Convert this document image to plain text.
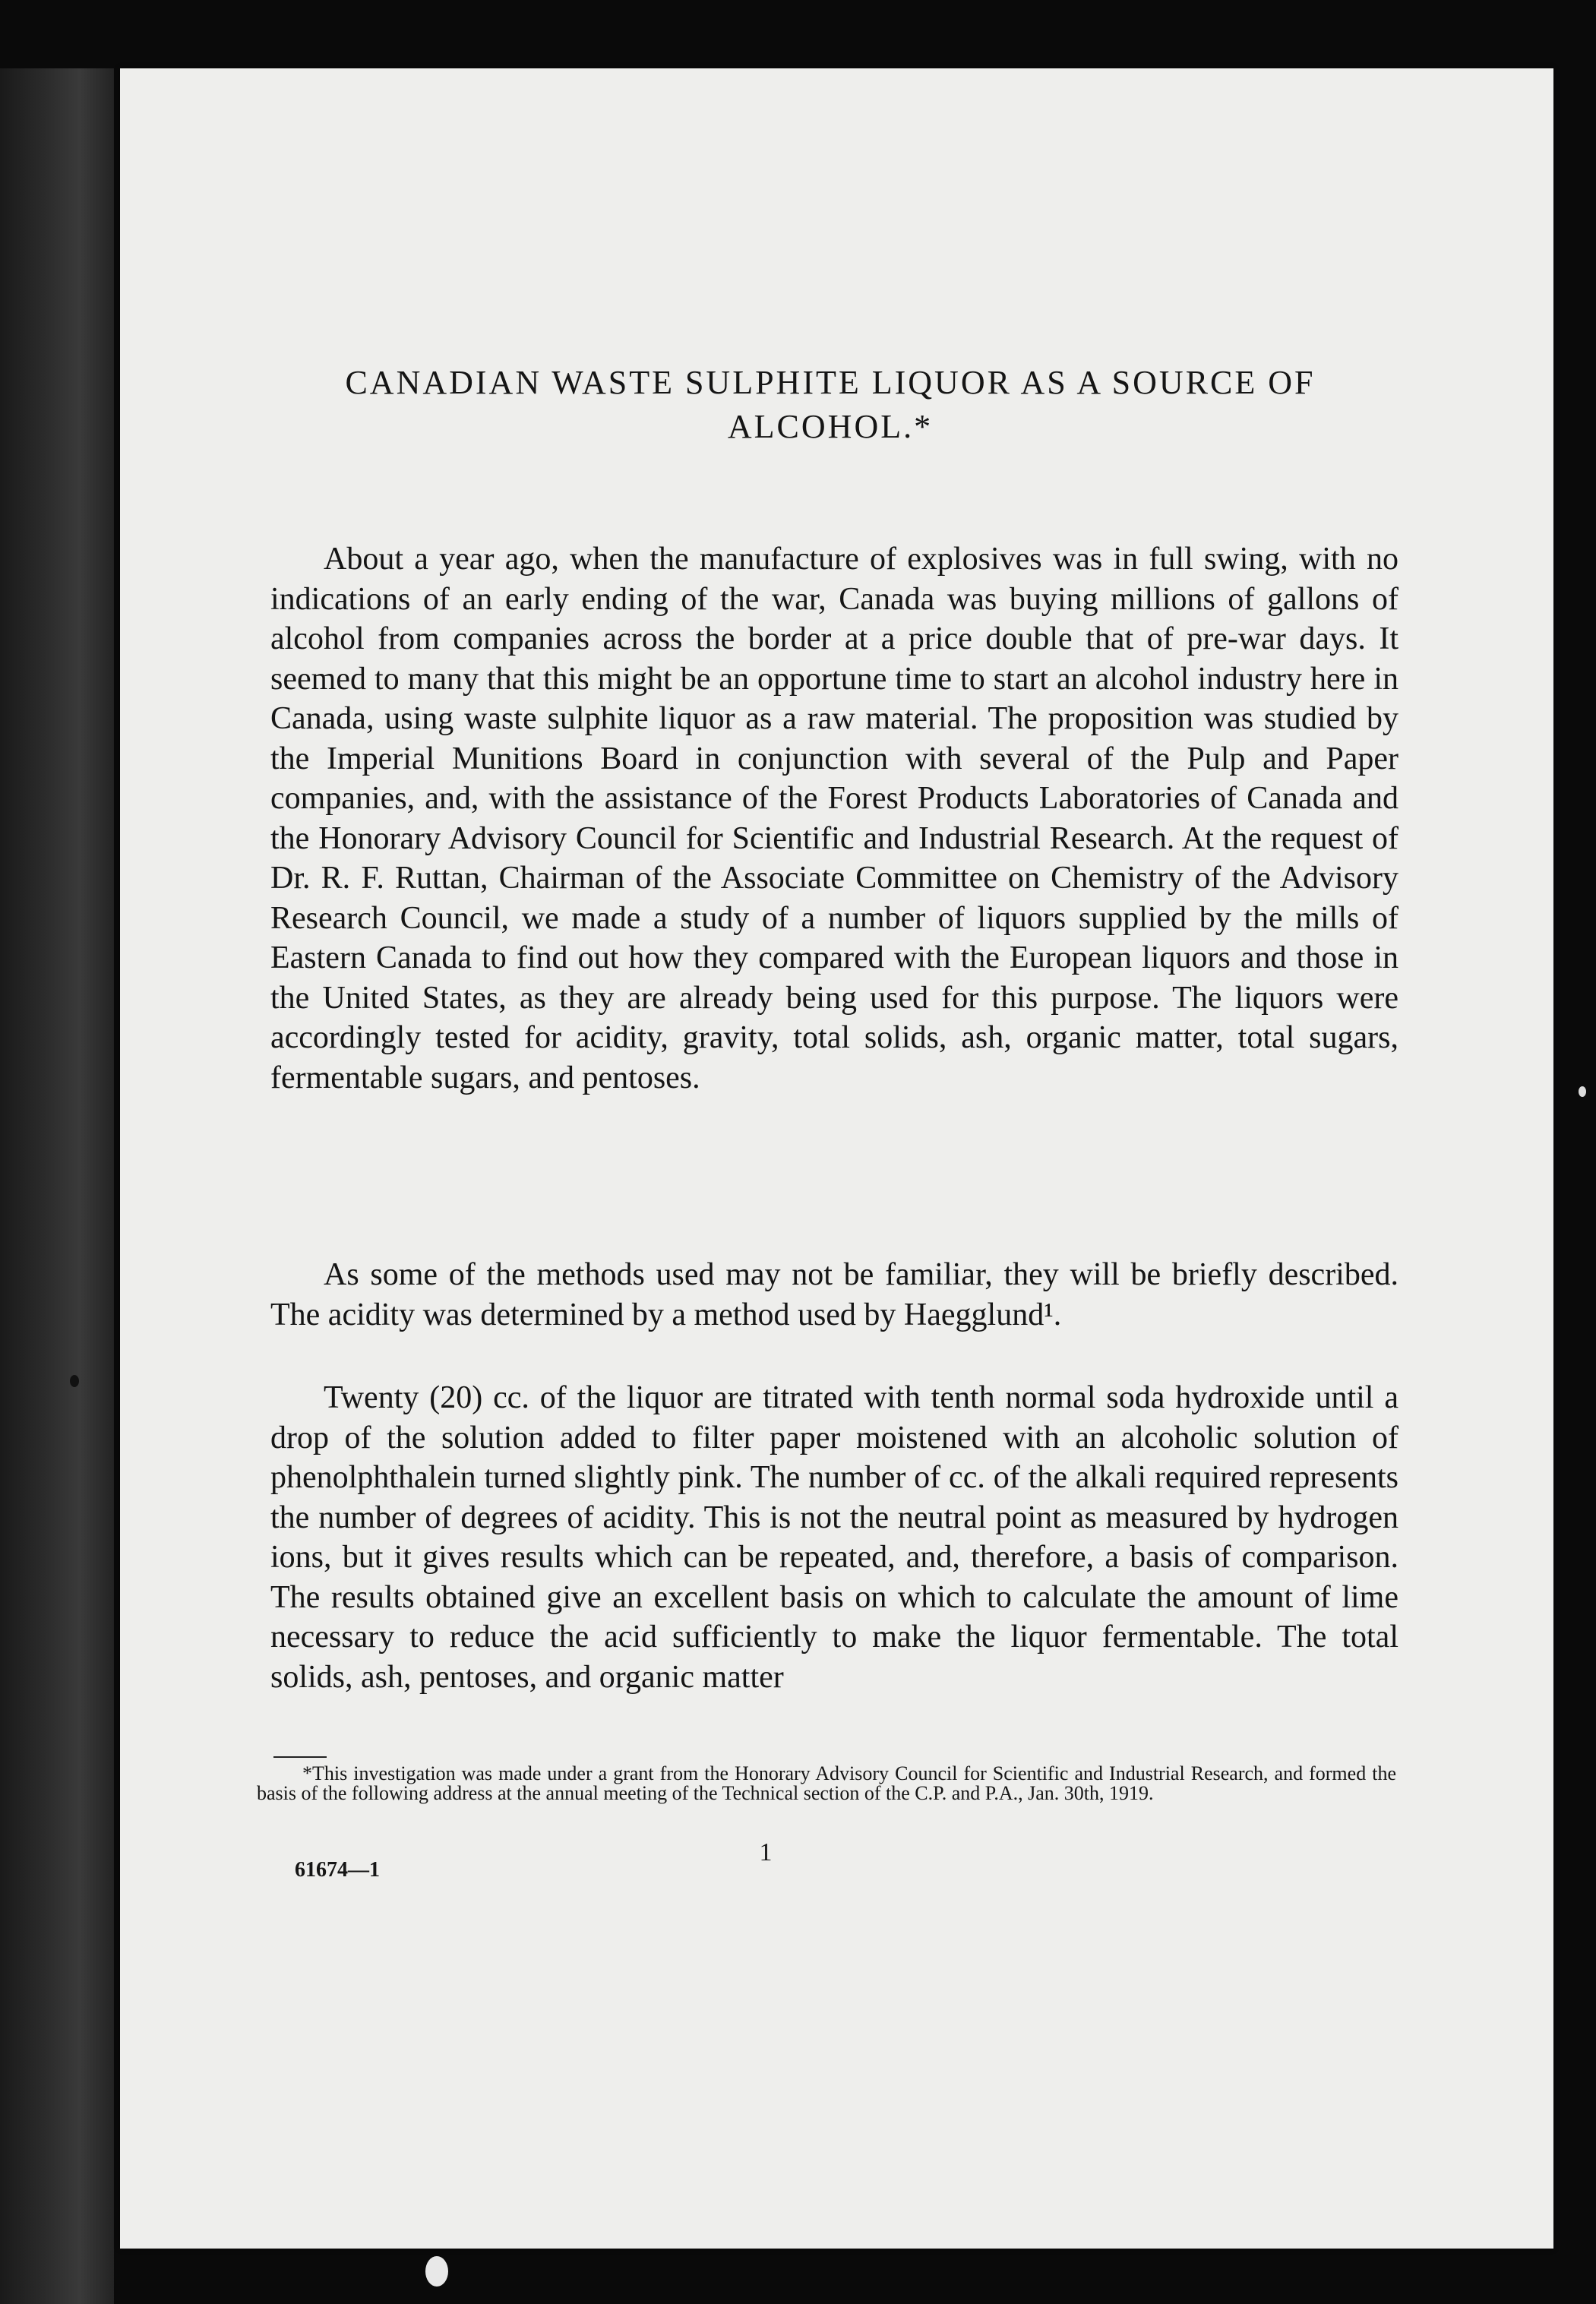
CANADIAN WASTE SULPHITE LIQUOR AS A SOURCE OF ALCOHOL.*
About a year ago, when the manufacture of explosives was in full swing, with no indications of an early ending of the war, Canada was buying millions of gallons of alcohol from companies across the border at a price double that of pre-war days. It seemed to many that this might be an opportune time to start an alcohol industry here in Canada, using waste sulphite liquor as a raw material. The proposition was studied by the Imperial Munitions Board in conjunction with several of the Pulp and Paper companies, and, with the assistance of the Forest Products Laboratories of Canada and the Honorary Advisory Council for Scientific and Industrial Research. At the request of Dr. R. F. Ruttan, Chairman of the Associate Committee on Chemistry of the Advisory Research Council, we made a study of a number of liquors supplied by the mills of Eastern Canada to find out how they compared with the European liquors and those in the United States, as they are already being used for this purpose. The liquors were accordingly tested for acidity, gravity, total solids, ash, organic matter, total sugars, fermentable sugars, and pentoses.
As some of the methods used may not be familiar, they will be briefly described. The acidity was determined by a method used by Haegglund¹.
Twenty (20) cc. of the liquor are titrated with tenth normal soda hydroxide until a drop of the solution added to filter paper moistened with an alcoholic solution of phenolphthalein turned slightly pink. The number of cc. of the alkali required represents the number of degrees of acidity. This is not the neutral point as measured by hydrogen ions, but it gives results which can be repeated, and, therefore, a basis of comparison. The results obtained give an excellent basis on which to calculate the amount of lime necessary to reduce the acid sufficiently to make the liquor fermentable. The total solids, ash, pentoses, and organic matter
*This investigation was made under a grant from the Honorary Advisory Council for Scientific and Industrial Research, and formed the basis of the following address at the annual meeting of the Technical section of the C.P. and P.A., Jan. 30th, 1919.
1
61674—1
